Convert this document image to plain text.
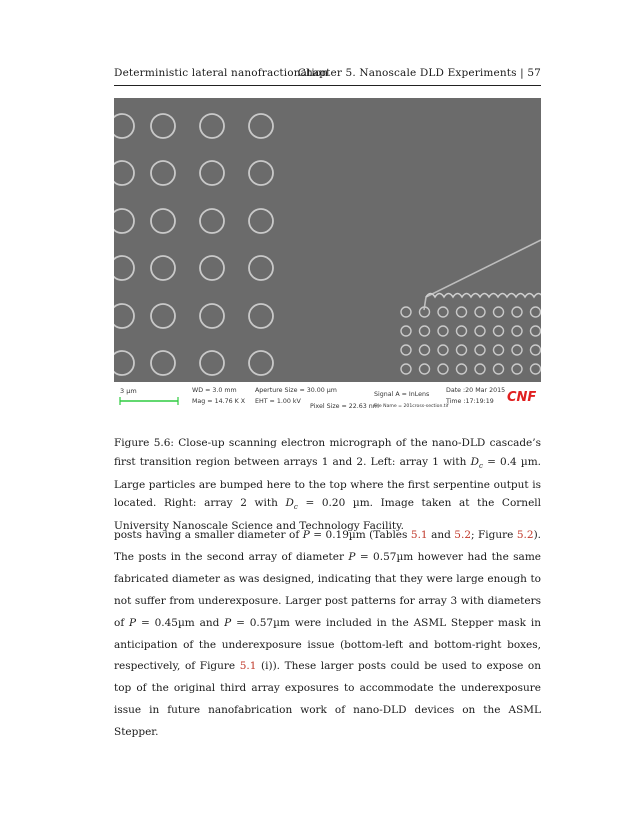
Deterministic lateral nanofractionation
Chapter 5. Nanoscale DLD Experiments | 57
3 µm	WD = 3.0 mm
Mag = 14.76 K X
Aperture Size = 30.00 µm
EHT = 1.00 kV
Pixel Size = 22.63 nm
Signal A = InLens
File Name = 201cross-section.tif
Date :20 Mar 2015
Time :17:19:19 CNF
Figure 5.6: Close-up scanning electron micrograph of the nano-DLD cascade’s first transition region between arrays 1 and 2. Left: array 1 with $D_c = 0.4$ µm. Large particles are bumped here to the top where the first serpentine output is located. Right: array 2 with $D_c = 0.20$ µm. Image taken at the Cornell University Nanoscale Science and Technology Facility.
posts having a smaller diameter of P = 0.19µm (Tables 5.1 and 5.2; Figure 5.2). The posts in the second array of diameter P = 0.57µm however had the same fabricated diameter as was designed, indicating that they were large enough to not suffer from underexposure. Larger post patterns for array 3 with diameters of P = 0.45µm and P = 0.57µm were included in the ASML Stepper mask in anticipation of the underexposure issue (bottom-left and bottom-right boxes, respectively, of Figure 5.1 (i)). These larger posts could be used to expose on top of the original third array exposures to accommodate the underexposure issue in future nanofabrication work of nano-DLD devices on the ASML Stepper.
